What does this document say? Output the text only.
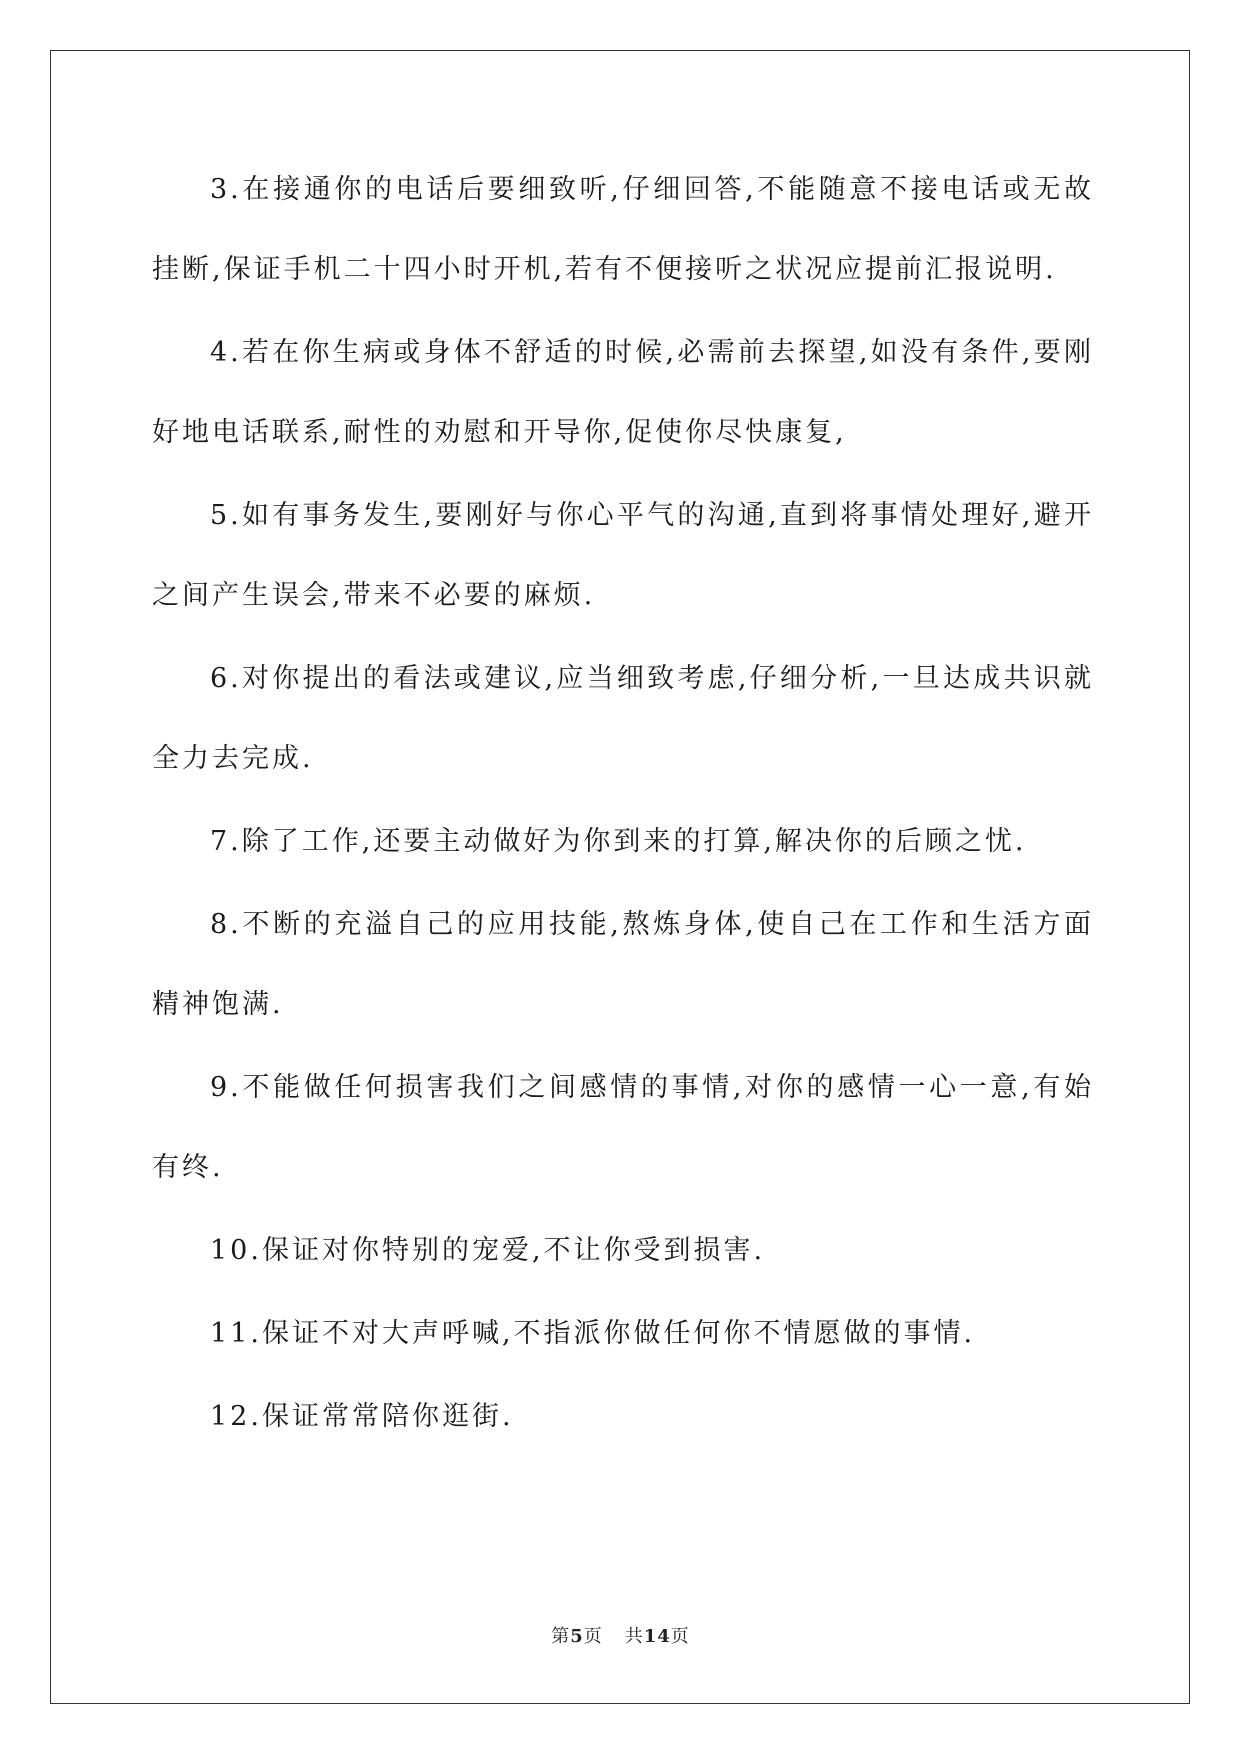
3.在接通你的电话后要细致听,仔细回答,不能随意不接电话或无故挂断,保证手机二十四小时开机,若有不便接听之状况应提前汇报说明.

4.若在你生病或身体不舒适的时候,必需前去探望,如没有条件,要刚好地电话联系,耐性的劝慰和开导你,促使你尽快康复,

5.如有事务发生,要刚好与你心平气的沟通,直到将事情处理好,避开之间产生误会,带来不必要的麻烦.

6.对你提出的看法或建议,应当细致考虑,仔细分析,一旦达成共识就全力去完成.

7.除了工作,还要主动做好为你到来的打算,解决你的后顾之忧.

8.不断的充溢自己的应用技能,熬炼身体,使自己在工作和生活方面精神饱满.

9.不能做任何损害我们之间感情的事情,对你的感情一心一意,有始有终.

10.保证对你特别的宠爱,不让你受到损害.

11.保证不对大声呼喊,不指派你做任何你不情愿做的事情.

12.保证常常陪你逛街.

第5页 共14页
